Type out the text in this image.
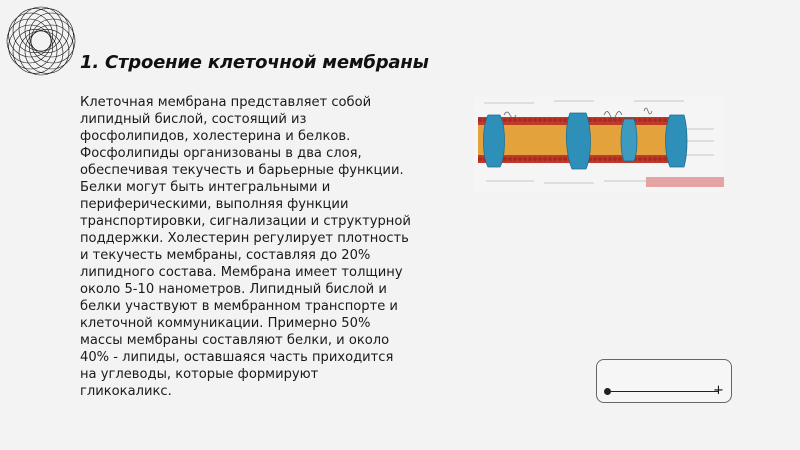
1. Строение клеточной мембраны
Клеточная мембрана представляет собой липидный бислой, состоящий из фосфолипидов, холестерина и белков. Фосфолипиды организованы в два слоя, обеспечивая текучесть и барьерные функции. Белки могут быть интегральными и периферическими, выполняя функции транспортировки, сигнализации и структурной поддержки. Холестерин регулирует плотность и текучесть мембраны, составляя до 20% липидного состава. Мембрана имеет толщину около 5-10 нанометров. Липидный бислой и белки участвуют в мембранном транспорте и клеточной коммуникации. Примерно 50% массы мембраны составляют белки, и около 40% - липиды, оставшаяся часть приходится на углеводы, которые формируют гликокаликс.	+
